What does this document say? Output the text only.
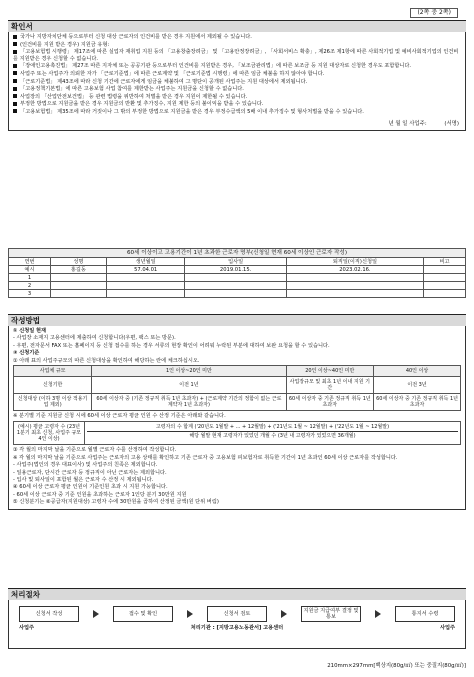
(2쪽 중 2쪽)
확인서

국가나 지방자치단체 등으로부터 신청 대상 근로자의 인건비를 받은 경우 지원에서 제외될 수 있습니다.

(인건비를 지원 받은 경우) 지원금 유형:

「고용보험법 시행령」 제17조에 따른 실업자 재취업 지원 등의 「고용창출장려금」 및 「고용안정장려금」, 「사회서비스 확충」, 제26조 제1항에 따른 사회적기업 및 예비사회적기업의 인건비를 지원받은 경우 신청할 수 없습니다.

「장애인고용촉진법」 제27조 따른 지자체 또는 공공기관 등으로부터 인건비를 지원받은 경우, 「보조금관리법」에 따른 보조금 등 지원 대상자로 신청한 경우도 포함합니다.

사업주 또는 사업주가 의뢰한 자가 「근로기준법」에 따른 근로계약 및 「근로기준법 시행령」에 따른 임금 체불을 하지 않아야 합니다.

「근로기준법」 제43조에 따라 신청 기간에 근로자에게 임금을 체불하여 그 명단이 공개된 사업주는 지원 대상에서 제외됩니다.

「고용정책기본법」에 따른 고용보험 사업 참여를 제한받는 사업주는 지원금을 신청할 수 없습니다.

사업장의 「산업안전보건법」 등 관련 법령을 위반하여 처벌을 받은 경우 지원이 제한될 수 있습니다.

부정한 방법으로 지원금을 받은 경우 지원금의 반환 및 추가징수, 지원 제한 등의 불이익을 받을 수 있습니다.

「고용보험법」 제35조에 따라 거짓이나 그 밖의 부정한 방법으로 지원금을 받은 경우 부정수급액의 5배 이내 추가징수 및 형사처벌을 받을 수 있습니다.

년 월 일 사업주:	(서명)
60세 이상이고 고용기간이 1년 초과한 근로자 명부(신청일 현재 60세 이상인 근로자 작성)
연번	성명	생년월일	입사일	퇴직일(이직)신청일	비고
예시	홍길동	57.04.01	2019.01.15.	2023.02.16.	
1					
2					
3					
작성방법

① 신청일 현재

- 사업장 소재지 고용센터에 제출하여 신청합니다(우편, 팩스 또는 방문).

- 우편, 전자문서 FAX 또는 홈페이지 등 신청 접수를 하는 경우 서류의 현장 확인이 어려워 누락된 부분에 대하여 보완 요청을 할 수 있습니다.

② 신청기준

① 아래 표의 사업주규모의 따른 신청대상을 확인하여 해당하는 란에 체크하십시오.

사업체 규모	1인 이상~20인 미만	20인 이상~40인 미만	40인 이상
신청기한	이전 1년	사업장규모 및 최초 1년 이내 지원 기간	이전 3년
신청대상 (이하 3명 이상 적용기업 제외)	60세 이상자 중 (기존 정규직 취득 1년 초과자) + (근로계약 기간의 정함이 없는 근로계약자 1년 초과자)	60세 이상자 중 기존 정규직 취득 1년 초과자	60세 이상자 중 기존 정규직 취득 1년 초과자

※ 분기별 기준 지원금 신청 시에 60세 이상 근로자 평균 인원 수 산정 기준은 아래와 같습니다.

(예시) 평균 고령자 수 (23년 1분기 최초 신청, 사업주 규모 4인 이상)
고령자의 수 합계 ('20년도 1월말 + ... + 12월말) + ('21년도 1월 ~ 12월말) + ('22년도 1월 ~ 12월말)
해당 월말 현재 고령자가 있었던 개월 수 (3년 내 고령자가 있었으면 36개월)

③ 각 월의 마지막 날을 기준으로 월별 근로자 수를 산정하여 작성합니다.

※ 각 월의 마지막 날을 기준으로 사업주는 근로자의 고용 상태를 확인하고 기존 근로자 중 고용보험 피보험자로 취득한 기간이 1년 초과인 60세 이상 근로자를 작성합니다.

- 사업주(법인의 경우 대표이사) 및 사업주의 친족은 제외합니다.

- 일용근로자, 단시간 근로자 등 정규직이 아닌 근로자는 제외합니다.

- 입사 및 퇴사일이 포함된 월은 근로자 수 산정 시 제외됩니다.

④ 60세 이상 근로자 평균 인원이 기준인원 초과 시 지원 가능합니다.

- 60세 이상 근로자 중 기준 인원을 초과하는 근로자 1인당 분기 30만원 지원

⑤ 신청분기는 ⑥공급자(지원대상) 고령자 수에 30만원을 곱하여 산정된 금액(원 단위 버림)

처리절차
신청서 작성	접수 및 확인	신청서 검토	지원금 지급여부 결정 및 통보	통지서 수령
사업주	처리기관 : [지방고용노동관서] 고용센터	사업주
210mm×297mm[백상지(80g/㎡) 또는 중질지(80g/㎡)]
